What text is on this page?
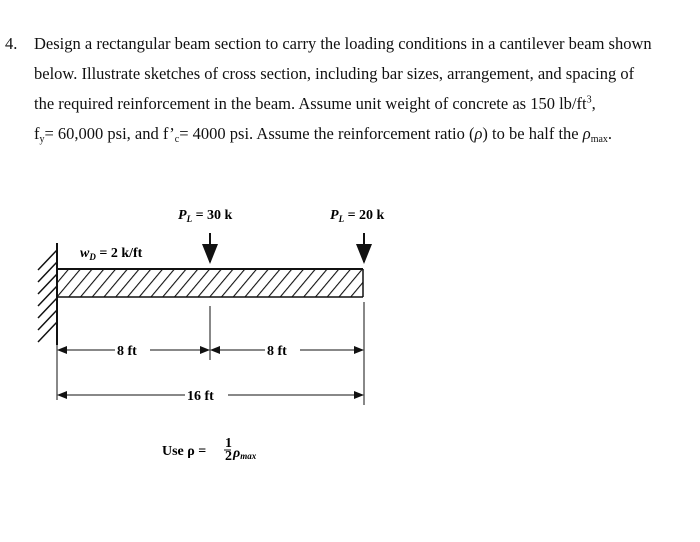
4. Design a rectangular beam section to carry the loading conditions in a cantilever beam shown
below. Illustrate sketches of cross section, including bar sizes, arrangement, and spacing of
the required reinforcement in the beam. Assume unit weight of concrete as 150 $lb/ft^3$,
$f_y= 60,000$ psi, and $f’_c= 4000$ psi. Assume the reinforcement ratio (ρ) to be half the $\rho_{max}$.
$P_L = 30$ k	$P_L = 20$ k
$w_D = 2$ k/ft
8 ft	8 ft
16 ft
Use ρ =
1
2 ρmax
